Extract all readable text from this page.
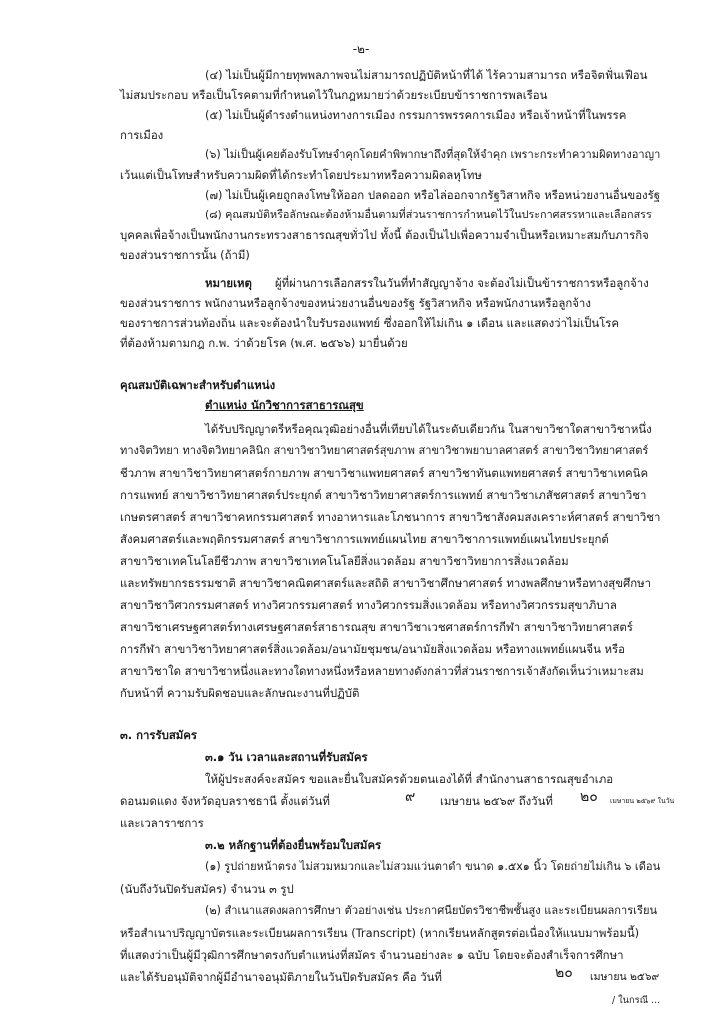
-๒-
(๔) ไม่เป็นผู้มีกายทุพพลภาพจนไม่สามารถปฏิบัติหน้าที่ได้ ไร้ความสามารถ หรือจิตฟั่นเฟือน
ไม่สมประกอบ หรือเป็นโรคตามที่กำหนดไว้ในกฎหมายว่าด้วยระเบียบข้าราชการพลเรือน
(๕) ไม่เป็นผู้ดำรงตำแหน่งทางการเมือง กรรมการพรรคการเมือง หรือเจ้าหน้าที่ในพรรค
การเมือง
(๖) ไม่เป็นผู้เคยต้องรับโทษจำคุกโดยคำพิพากษาถึงที่สุดให้จำคุก เพราะกระทำความผิดทางอาญา
เว้นแต่เป็นโทษสำหรับความผิดที่ได้กระทำโดยประมาทหรือความผิดลหุโทษ
(๗) ไม่เป็นผู้เคยถูกลงโทษให้ออก ปลดออก หรือไล่ออกจากรัฐวิสาหกิจ หรือหน่วยงานอื่นของรัฐ
(๘) คุณสมบัติหรือลักษณะต้องห้ามอื่นตามที่ส่วนราชการกำหนดไว้ในประกาศสรรหาและเลือกสรร
บุคคลเพื่อจ้างเป็นพนักงานกระทรวงสาธารณสุขทั่วไป ทั้งนี้ ต้องเป็นไปเพื่อความจำเป็นหรือเหมาะสมกับภารกิจ
ของส่วนราชการนั้น (ถ้ามี)
หมายเหตุ ผู้ที่ผ่านการเลือกสรรในวันที่ทำสัญญาจ้าง จะต้องไม่เป็นข้าราชการหรือลูกจ้าง
ของส่วนราชการ พนักงานหรือลูกจ้างของหน่วยงานอื่นของรัฐ รัฐวิสาหกิจ หรือพนักงานหรือลูกจ้าง
ของราชการส่วนท้องถิ่น และจะต้องนำใบรับรองแพทย์ ซึ่งออกให้ไม่เกิน ๑ เดือน และแสดงว่าไม่เป็นโรค
ที่ต้องห้ามตามกฎ ก.พ. ว่าด้วยโรค (พ.ศ. ๒๕๖๖) มายื่นด้วย
คุณสมบัติเฉพาะสำหรับตำแหน่ง
ตำแหน่ง นักวิชาการสาธารณสุข
ได้รับปริญญาตรีหรือคุณวุฒิอย่างอื่นที่เทียบได้ในระดับเดียวกัน ในสาขาวิชาใดสาขาวิชาหนึ่ง
ทางจิตวิทยา ทางจิตวิทยาคลินิก สาขาวิชาวิทยาศาสตร์สุขภาพ สาขาวิชาพยาบาลศาสตร์ สาขาวิชาวิทยาศาสตร์
ชีวภาพ สาขาวิชาวิทยาศาสตร์กายภาพ สาขาวิชาแพทยศาสตร์ สาขาวิชาทันตแพทยศาสตร์ สาขาวิชาเทคนิค
การแพทย์ สาขาวิชาวิทยาศาสตร์ประยุกต์ สาขาวิชาวิทยาศาสตร์การแพทย์ สาขาวิชาเภสัชศาสตร์ สาขาวิชา
เกษตรศาสตร์ สาขาวิชาคหกรรมศาสตร์ ทางอาหารและโภชนาการ สาขาวิชาสังคมสงเคราะห์ศาสตร์ สาขาวิชา
สังคมศาสตร์และพฤติกรรมศาสตร์ สาขาวิชาการแพทย์แผนไทย สาขาวิชาการแพทย์แผนไทยประยุกต์
สาขาวิชาเทคโนโลยีชีวภาพ สาขาวิชาเทคโนโลยีสิ่งแวดล้อม สาขาวิชาวิทยาการสิ่งแวดล้อม
และทรัพยากรธรรมชาติ สาขาวิชาคณิตศาสตร์และสถิติ สาขาวิชาศึกษาศาสตร์ ทางพลศึกษาหรือทางสุขศึกษา
สาขาวิชาวิศวกรรมศาสตร์ ทางวิศวกรรมศาสตร์ ทางวิศวกรรมสิ่งแวดล้อม หรือทางวิศวกรรมสุขาภิบาล
สาขาวิชาเศรษฐศาสตร์ทางเศรษฐศาสตร์สาธารณสุข สาขาวิชาเวชศาสตร์การกีฬา สาขาวิชาวิทยาศาสตร์
การกีฬา สาขาวิชาวิทยาศาสตร์สิ่งแวดล้อม/อนามัยชุมชน/อนามัยสิ่งแวดล้อม หรือทางแพทย์แผนจีน หรือ
สาขาวิชาใด สาขาวิชาหนึ่งและทางใดทางหนึ่งหรือหลายทางดังกล่าวที่ส่วนราชการเจ้าสังกัดเห็นว่าเหมาะสม
กับหน้าที่ ความรับผิดชอบและลักษณะงานที่ปฏิบัติ
๓. การรับสมัคร
๓.๑ วัน เวลาและสถานที่รับสมัคร
ให้ผู้ประสงค์จะสมัคร ขอและยื่นใบสมัครด้วยตนเองได้ที่ สำนักงานสาธารณสุขอำเภอ
ดอนมดแดง จังหวัดอุบลราชธานี ตั้งแต่วันที่	๙ เมษายน ๒๕๖๙ ถึงวันที่ ๒๐ เมษายน ๒๕๖๙ ในวัน
และเวลาราชการ
๓.๒ หลักฐานที่ต้องยื่นพร้อมใบสมัคร
(๑) รูปถ่ายหน้าตรง ไม่สวมหมวกและไม่สวมแว่นตาดำ ขนาด ๑.๕x๑ นิ้ว โดยถ่ายไม่เกิน ๖ เดือน
(นับถึงวันปิดรับสมัคร) จำนวน ๓ รูป
(๒) สำเนาแสดงผลการศึกษา ตัวอย่างเช่น ประกาศนียบัตรวิชาชีพชั้นสูง และระเบียนผลการเรียน
หรือสำเนาปริญญาบัตรและระเบียนผลการเรียน (Transcript) (หากเรียนหลักสูตรต่อเนื่องให้แนบมาพร้อมนี้)
ที่แสดงว่าเป็นผู้มีวุฒิการศึกษาตรงกับตำแหน่งที่สมัคร จำนวนอย่างละ ๑ ฉบับ โดยจะต้องสำเร็จการศึกษา
และได้รับอนุมัติจากผู้มีอำนาจอนุมัติภายในวันปิดรับสมัคร คือ วันที่	๒๐ เมษายน ๒๕๖๙
/ ในกรณี ...
